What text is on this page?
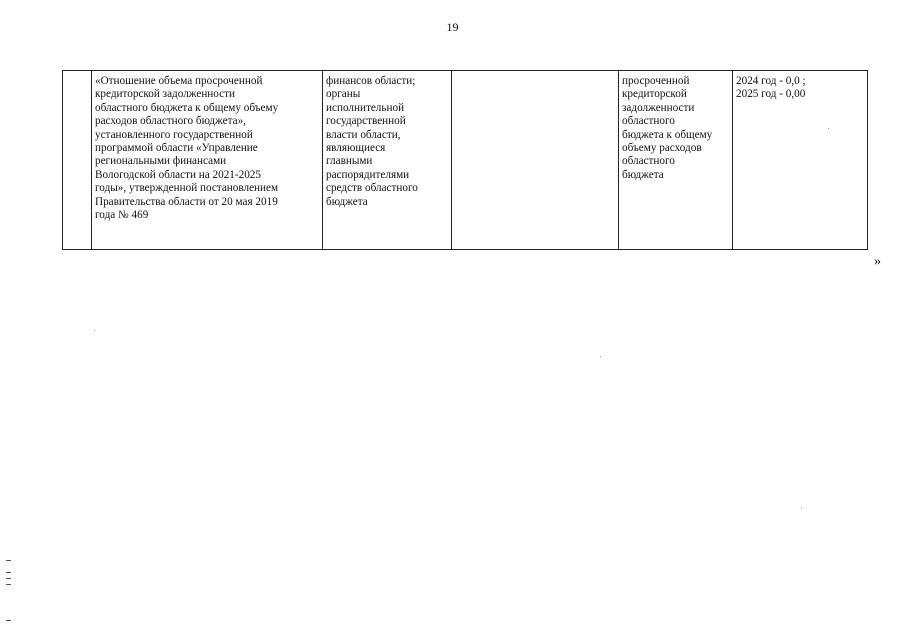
19
«Отношение объема просроченной
кредиторской задолженности
областного бюджета к общему объему
расходов областного бюджета»,
установленного государственной
программой области «Управление
региональными финансами
Вологодской области на 2021-2025
годы», утвержденной постановлением
Правительства области от 20 мая 2019
года № 469
финансов области;
органы
исполнительной
государственной
власти области,
являющиеся
главными
распорядителями
средств областного
бюджета
просроченной
кредиторской
задолженности
областного
бюджета к общему
объему расходов
областного
бюджета
2024 год - 0,0 ;
2025 год - 0,00
»
